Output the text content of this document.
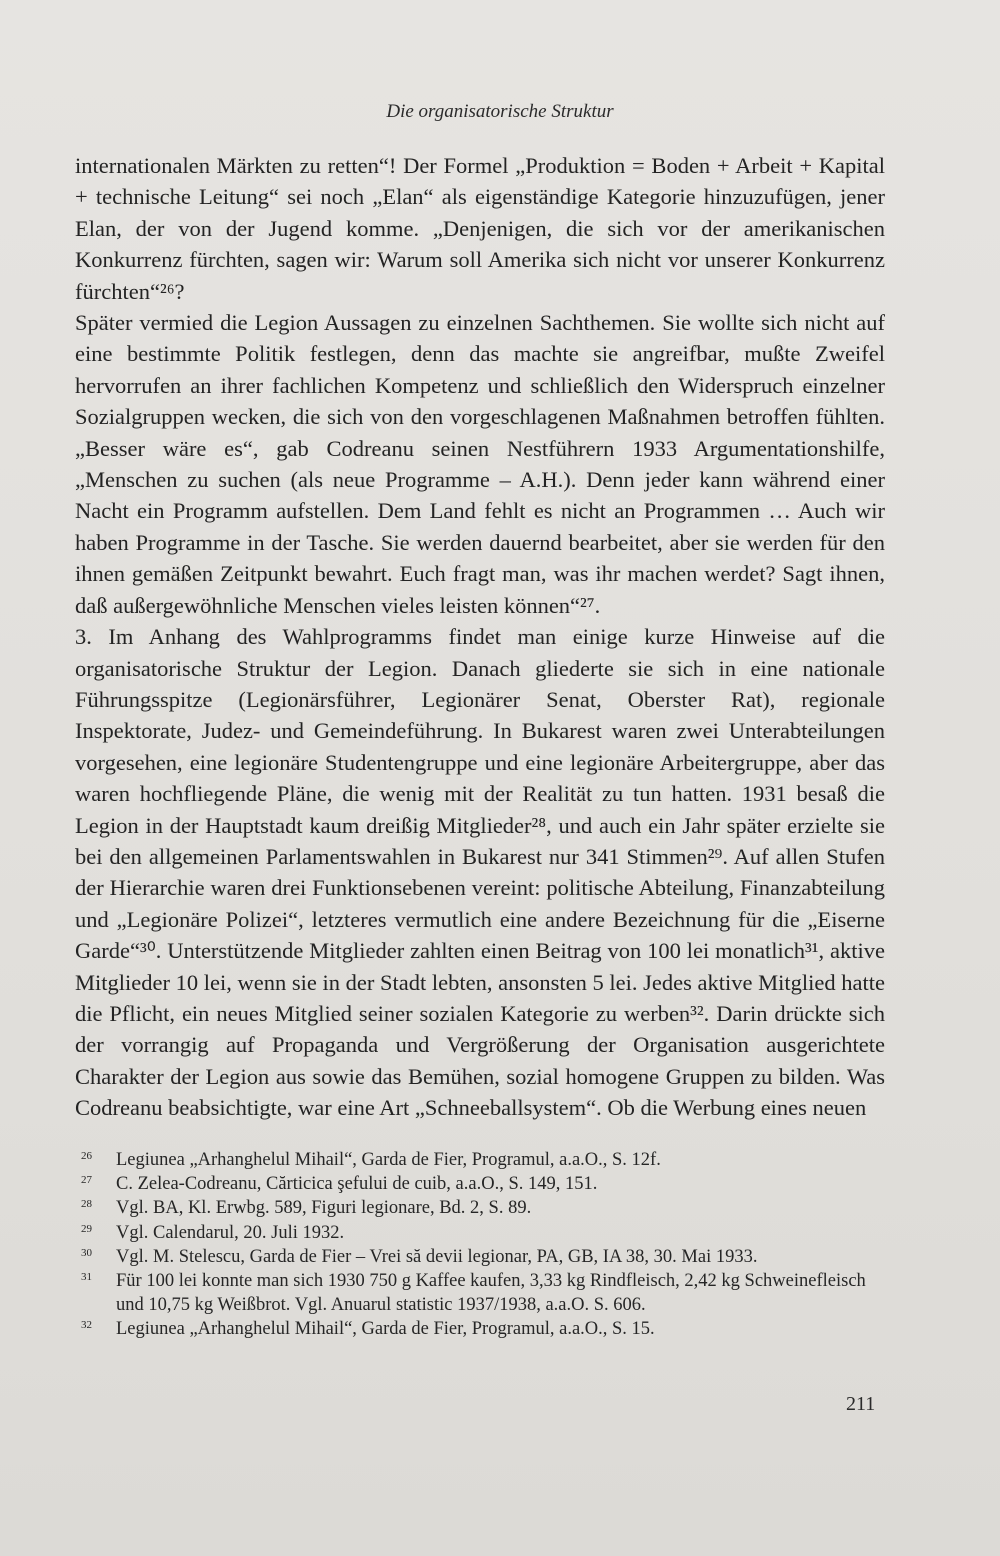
Die organisatorische Struktur

internationalen Märkten zu retten“! Der Formel „Produktion = Boden + Arbeit + Kapital + technische Leitung“ sei noch „Elan“ als eigenständige Kategorie hinzuzufügen, jener Elan, der von der Jugend komme. „Denjenigen, die sich vor der amerikanischen Konkurrenz fürchten, sagen wir: Warum soll Amerika sich nicht vor unserer Konkurrenz fürchten“²⁶?

Später vermied die Legion Aussagen zu einzelnen Sachthemen. Sie wollte sich nicht auf eine bestimmte Politik festlegen, denn das machte sie angreifbar, mußte Zweifel hervorrufen an ihrer fachlichen Kompetenz und schließlich den Widerspruch einzelner Sozialgruppen wecken, die sich von den vorgeschlagenen Maßnahmen betroffen fühlten. „Besser wäre es“, gab Codreanu seinen Nestführern 1933 Argumentationshilfe, „Menschen zu suchen (als neue Programme – A.H.). Denn jeder kann während einer Nacht ein Programm aufstellen. Dem Land fehlt es nicht an Programmen … Auch wir haben Programme in der Tasche. Sie werden dauernd bearbeitet, aber sie werden für den ihnen gemäßen Zeitpunkt bewahrt. Euch fragt man, was ihr machen werdet? Sagt ihnen, daß außergewöhnliche Menschen vieles leisten können“²⁷.

3. Im Anhang des Wahlprogramms findet man einige kurze Hinweise auf die organisatorische Struktur der Legion. Danach gliederte sie sich in eine nationale Führungsspitze (Legionärsführer, Legionärer Senat, Oberster Rat), regionale Inspektorate, Judez- und Gemeindeführung. In Bukarest waren zwei Unterabteilungen vorgesehen, eine legionäre Studentengruppe und eine legionäre Arbeitergruppe, aber das waren hochfliegende Pläne, die wenig mit der Realität zu tun hatten. 1931 besaß die Legion in der Hauptstadt kaum dreißig Mitglieder²⁸, und auch ein Jahr später erzielte sie bei den allgemeinen Parlamentswahlen in Bukarest nur 341 Stimmen²⁹. Auf allen Stufen der Hierarchie waren drei Funktionsebenen vereint: politische Abteilung, Finanzabteilung und „Legionäre Polizei“, letzteres vermutlich eine andere Bezeichnung für die „Eiserne Garde“³⁰. Unterstützende Mitglieder zahlten einen Beitrag von 100 lei monatlich³¹, aktive Mitglieder 10 lei, wenn sie in der Stadt lebten, ansonsten 5 lei. Jedes aktive Mitglied hatte die Pflicht, ein neues Mitglied seiner sozialen Kategorie zu werben³². Darin drückte sich der vorrangig auf Propaganda und Vergrößerung der Organisation ausgerichtete Charakter der Legion aus sowie das Bemühen, sozial homogene Gruppen zu bilden. Was Codreanu beabsichtigte, war eine Art „Schneeballsystem“. Ob die Werbung eines neuen

26 Legiunea „Arhanghelul Mihail“, Garda de Fier, Programul, a.a.O., S. 12f.

27 C. Zelea-Codreanu, Cărticica şefului de cuib, a.a.O., S. 149, 151.

28 Vgl. BA, Kl. Erwbg. 589, Figuri legionare, Bd. 2, S. 89.

29 Vgl. Calendarul, 20. Juli 1932.

30 Vgl. M. Stelescu, Garda de Fier – Vrei să devii legionar, PA, GB, IA 38, 30. Mai 1933.

31 Für 100 lei konnte man sich 1930 750 g Kaffee kaufen, 3,33 kg Rindfleisch, 2,42 kg Schweinefleisch und 10,75 kg Weißbrot. Vgl. Anuarul statistic 1937/1938, a.a.O. S. 606.

32 Legiunea „Arhanghelul Mihail“, Garda de Fier, Programul, a.a.O., S. 15.

211
